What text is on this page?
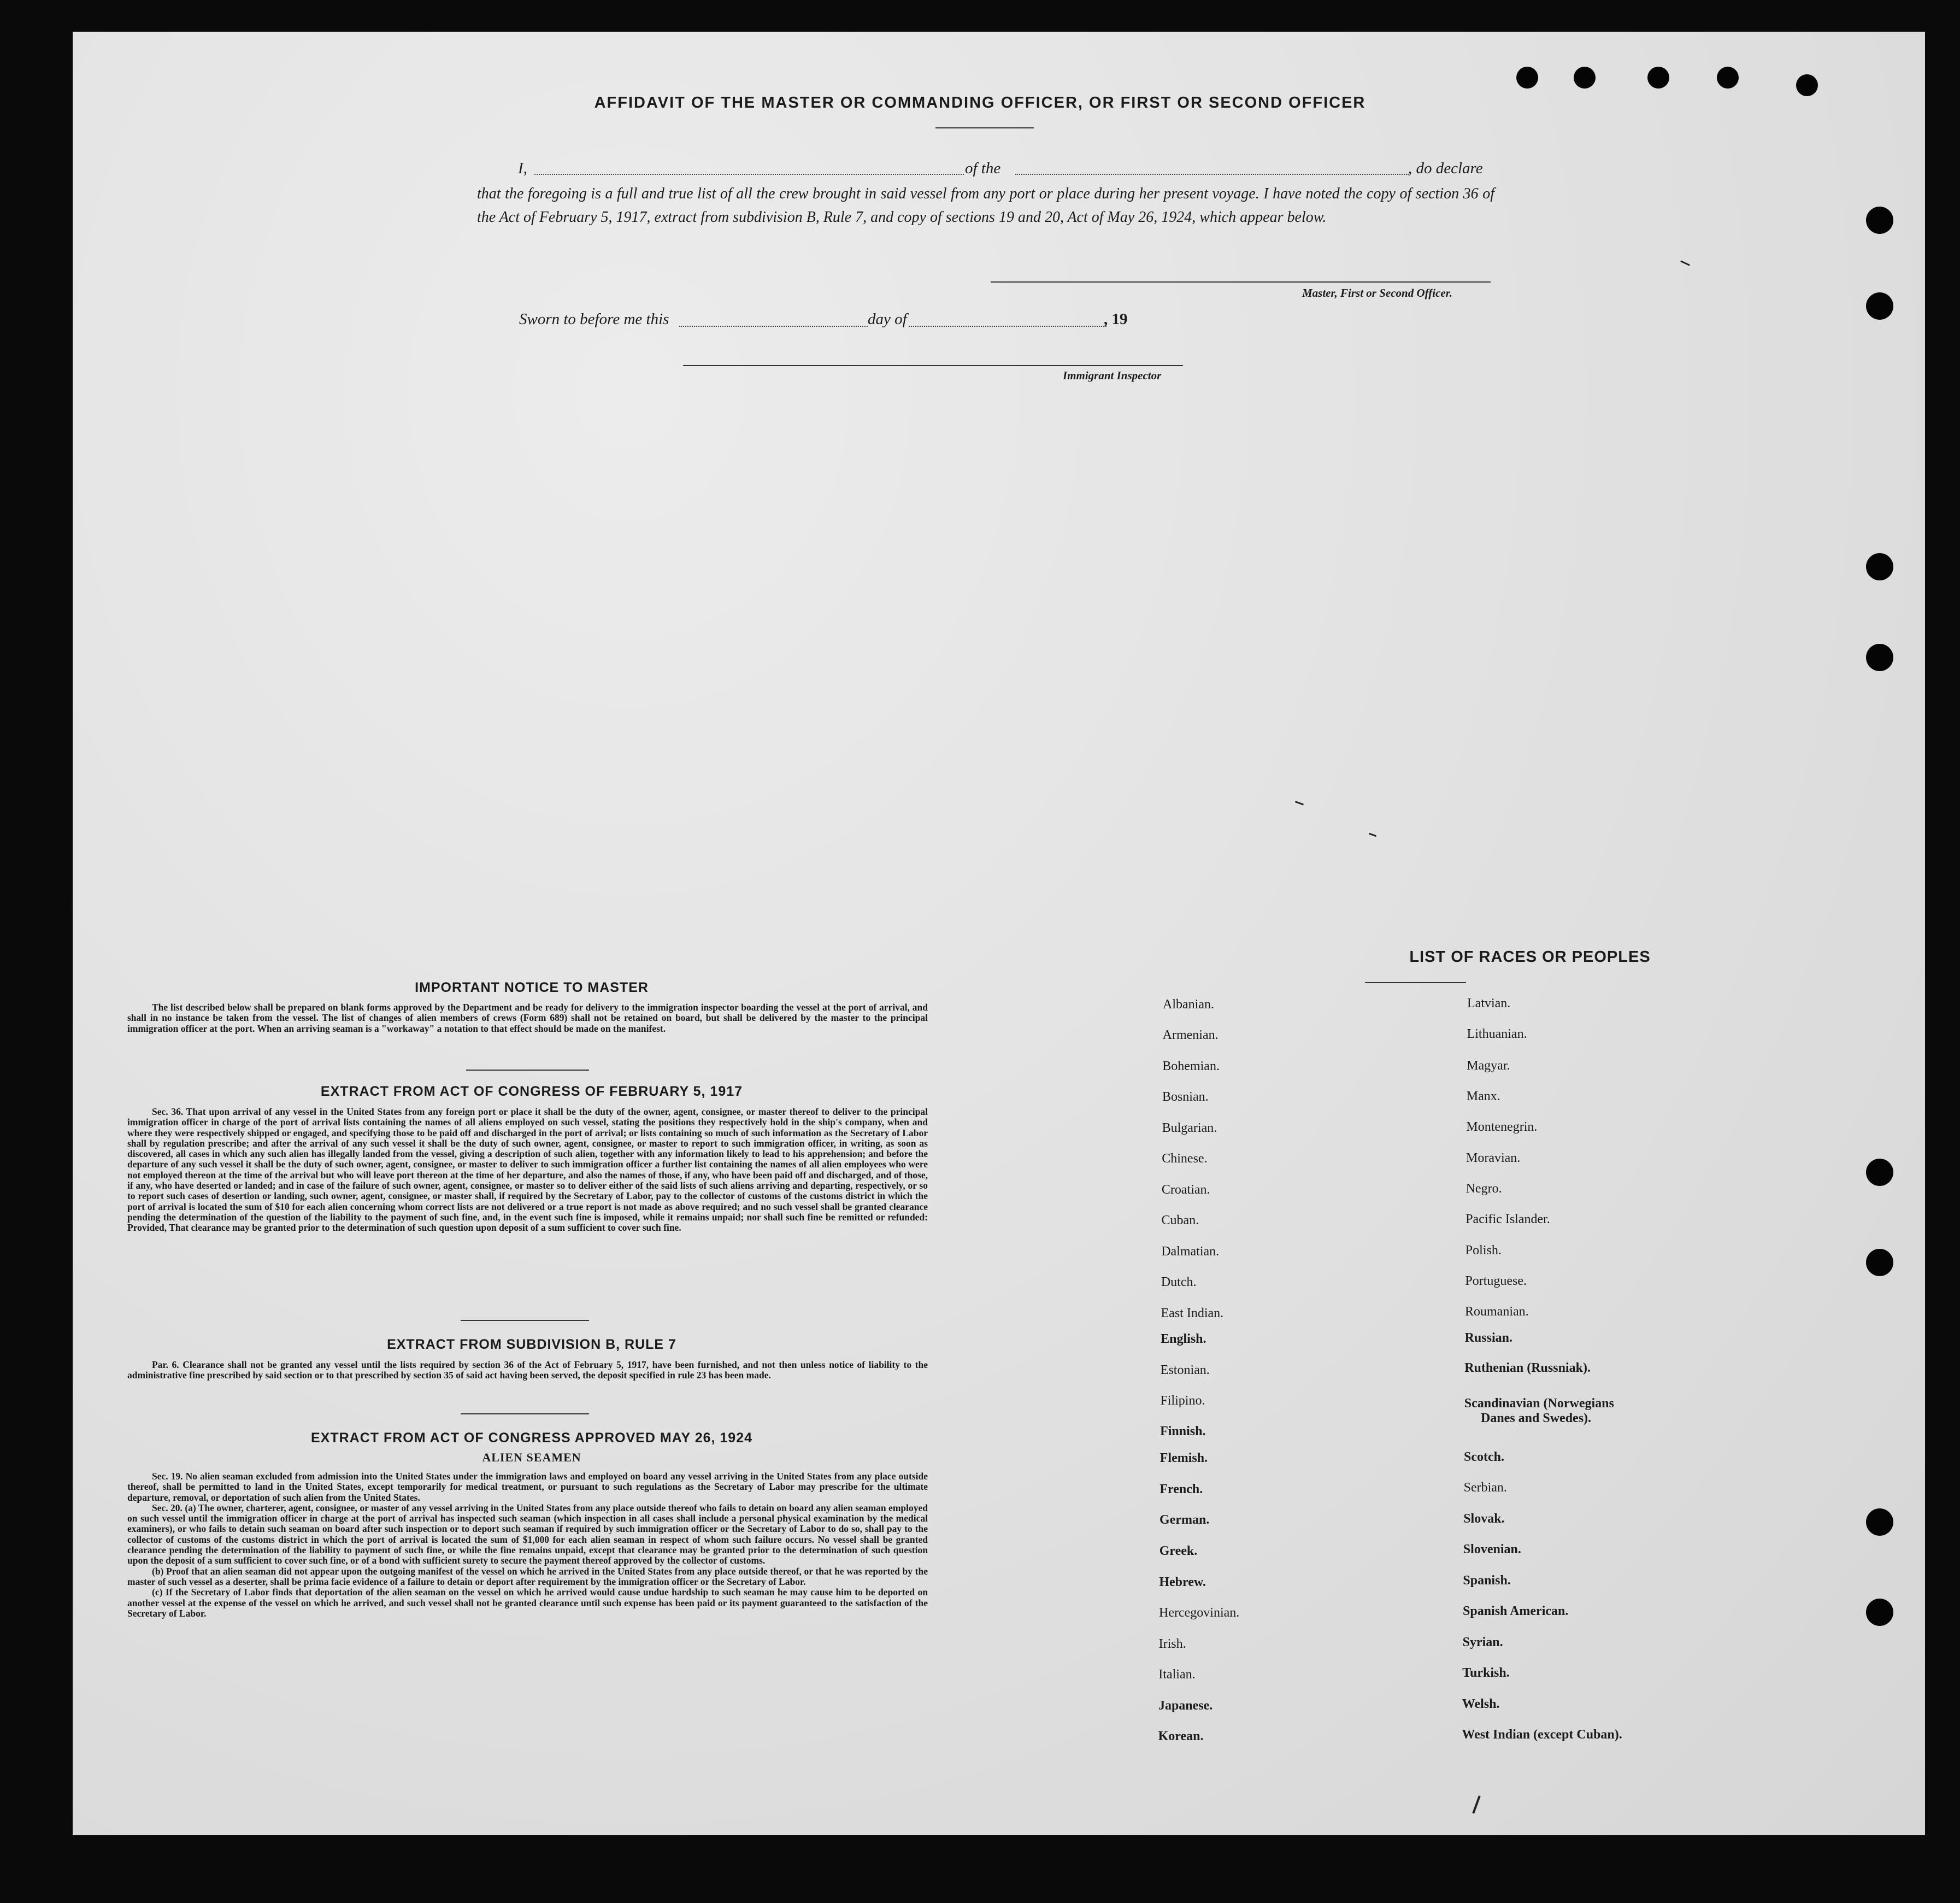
AFFIDAVIT OF THE MASTER OR COMMANDING OFFICER, OR FIRST OR SECOND OFFICER
I,	of the	, do declare
that the foregoing is a full and true list of all the crew brought in said vessel from any port or place during her present voyage. I have noted the copy of section 36 of the Act of February 5, 1917, extract from subdivision B, Rule 7, and copy of sections 19 and 20, Act of May 26, 1924, which appear below.
Master, First or Second Officer.
Sworn to before me this	day of	, 19
Immigrant Inspector
IMPORTANT NOTICE TO MASTER

The list described below shall be prepared on blank forms approved by the Department and be ready for delivery to the immigration inspector boarding the vessel at the port of arrival, and shall in no instance be taken from the vessel. The list of changes of alien members of crews (Form 689) shall not be retained on board, but shall be delivered by the master to the principal immigration officer at the port. When an arriving seaman is a "workaway" a notation to that effect should be made on the manifest.

EXTRACT FROM ACT OF CONGRESS OF FEBRUARY 5, 1917

Sec. 36. That upon arrival of any vessel in the United States from any foreign port or place it shall be the duty of the owner, agent, consignee, or master thereof to deliver to the principal immigration officer in charge of the port of arrival lists containing the names of all aliens employed on such vessel, stating the positions they respectively hold in the ship's company, when and where they were respectively shipped or engaged, and specifying those to be paid off and discharged in the port of arrival; or lists containing so much of such information as the Secretary of Labor shall by regulation prescribe; and after the arrival of any such vessel it shall be the duty of such owner, agent, consignee, or master to report to such immigration officer, in writing, as soon as discovered, all cases in which any such alien has illegally landed from the vessel, giving a description of such alien, together with any information likely to lead to his apprehension; and before the departure of any such vessel it shall be the duty of such owner, agent, consignee, or master to deliver to such immigration officer a further list containing the names of all alien employees who were not employed thereon at the time of the arrival but who will leave port thereon at the time of her departure, and also the names of those, if any, who have been paid off and discharged, and of those, if any, who have deserted or landed; and in case of the failure of such owner, agent, consignee, or master so to deliver either of the said lists of such aliens arriving and departing, respectively, or so to report such cases of desertion or landing, such owner, agent, consignee, or master shall, if required by the Secretary of Labor, pay to the collector of customs of the customs district in which the port of arrival is located the sum of $10 for each alien concerning whom correct lists are not delivered or a true report is not made as above required; and no such vessel shall be granted clearance pending the determination of the question of the liability to the payment of such fine, and, in the event such fine is imposed, while it remains unpaid; nor shall such fine be remitted or refunded: Provided, That clearance may be granted prior to the determination of such question upon deposit of a sum sufficient to cover such fine.

EXTRACT FROM SUBDIVISION B, RULE 7

Par. 6. Clearance shall not be granted any vessel until the lists required by section 36 of the Act of February 5, 1917, have been furnished, and not then unless notice of liability to the administrative fine prescribed by said section or to that prescribed by section 35 of said act having been served, the deposit specified in rule 23 has been made.

EXTRACT FROM ACT OF CONGRESS APPROVED MAY 26, 1924
ALIEN SEAMEN

Sec. 19. No alien seaman excluded from admission into the United States under the immigration laws and employed on board any vessel arriving in the United States from any place outside thereof, shall be permitted to land in the United States, except temporarily for medical treatment, or pursuant to such regulations as the Secretary of Labor may prescribe for the ultimate departure, removal, or deportation of such alien from the United States.

Sec. 20. (a) The owner, charterer, agent, consignee, or master of any vessel arriving in the United States from any place outside thereof who fails to detain on board any alien seaman employed on such vessel until the immigration officer in charge at the port of arrival has inspected such seaman (which inspection in all cases shall include a personal physical examination by the medical examiners), or who fails to detain such seaman on board after such inspection or to deport such seaman if required by such immigration officer or the Secretary of Labor to do so, shall pay to the collector of customs of the customs district in which the port of arrival is located the sum of $1,000 for each alien seaman in respect of whom such failure occurs. No vessel shall be granted clearance pending the determination of the liability to payment of such fine, or while the fine remains unpaid, except that clearance may be granted prior to the determination of such question upon the deposit of a sum sufficient to cover such fine, or of a bond with sufficient surety to secure the payment thereof approved by the collector of customs.

(b) Proof that an alien seaman did not appear upon the outgoing manifest of the vessel on which he arrived in the United States from any place outside thereof, or that he was reported by the master of such vessel as a deserter, shall be prima facie evidence of a failure to detain or deport after requirement by the immigration officer or the Secretary of Labor.

(c) If the Secretary of Labor finds that deportation of the alien seaman on the vessel on which he arrived would cause undue hardship to such seaman he may cause him to be deported on another vessel at the expense of the vessel on which he arrived, and such vessel shall not be granted clearance until such expense has been paid or its payment guaranteed to the satisfaction of the Secretary of Labor.

LIST OF RACES OR PEOPLES
Albanian.
Armenian.
Bohemian.
Bosnian.
Bulgarian.
Chinese.
Croatian.
Cuban.
Dalmatian.
Dutch.
East Indian.
English.
Estonian.
Filipino.
Finnish.
Flemish.
French.
German.
Greek.
Hebrew.
Hercegovinian.
Irish.
Italian.
Japanese.
Korean.
Latvian.
Lithuanian.
Magyar.
Manx.
Montenegrin.
Moravian.
Negro.
Pacific Islander.
Polish.
Portuguese.
Roumanian.
Russian.
Ruthenian (Russniak).
Scandinavian (Norwegians
Danes and Swedes).
Scotch.
Serbian.
Slovak.
Slovenian.
Spanish.
Spanish American.
Syrian.
Turkish.
Welsh.
West Indian (except Cuban).
